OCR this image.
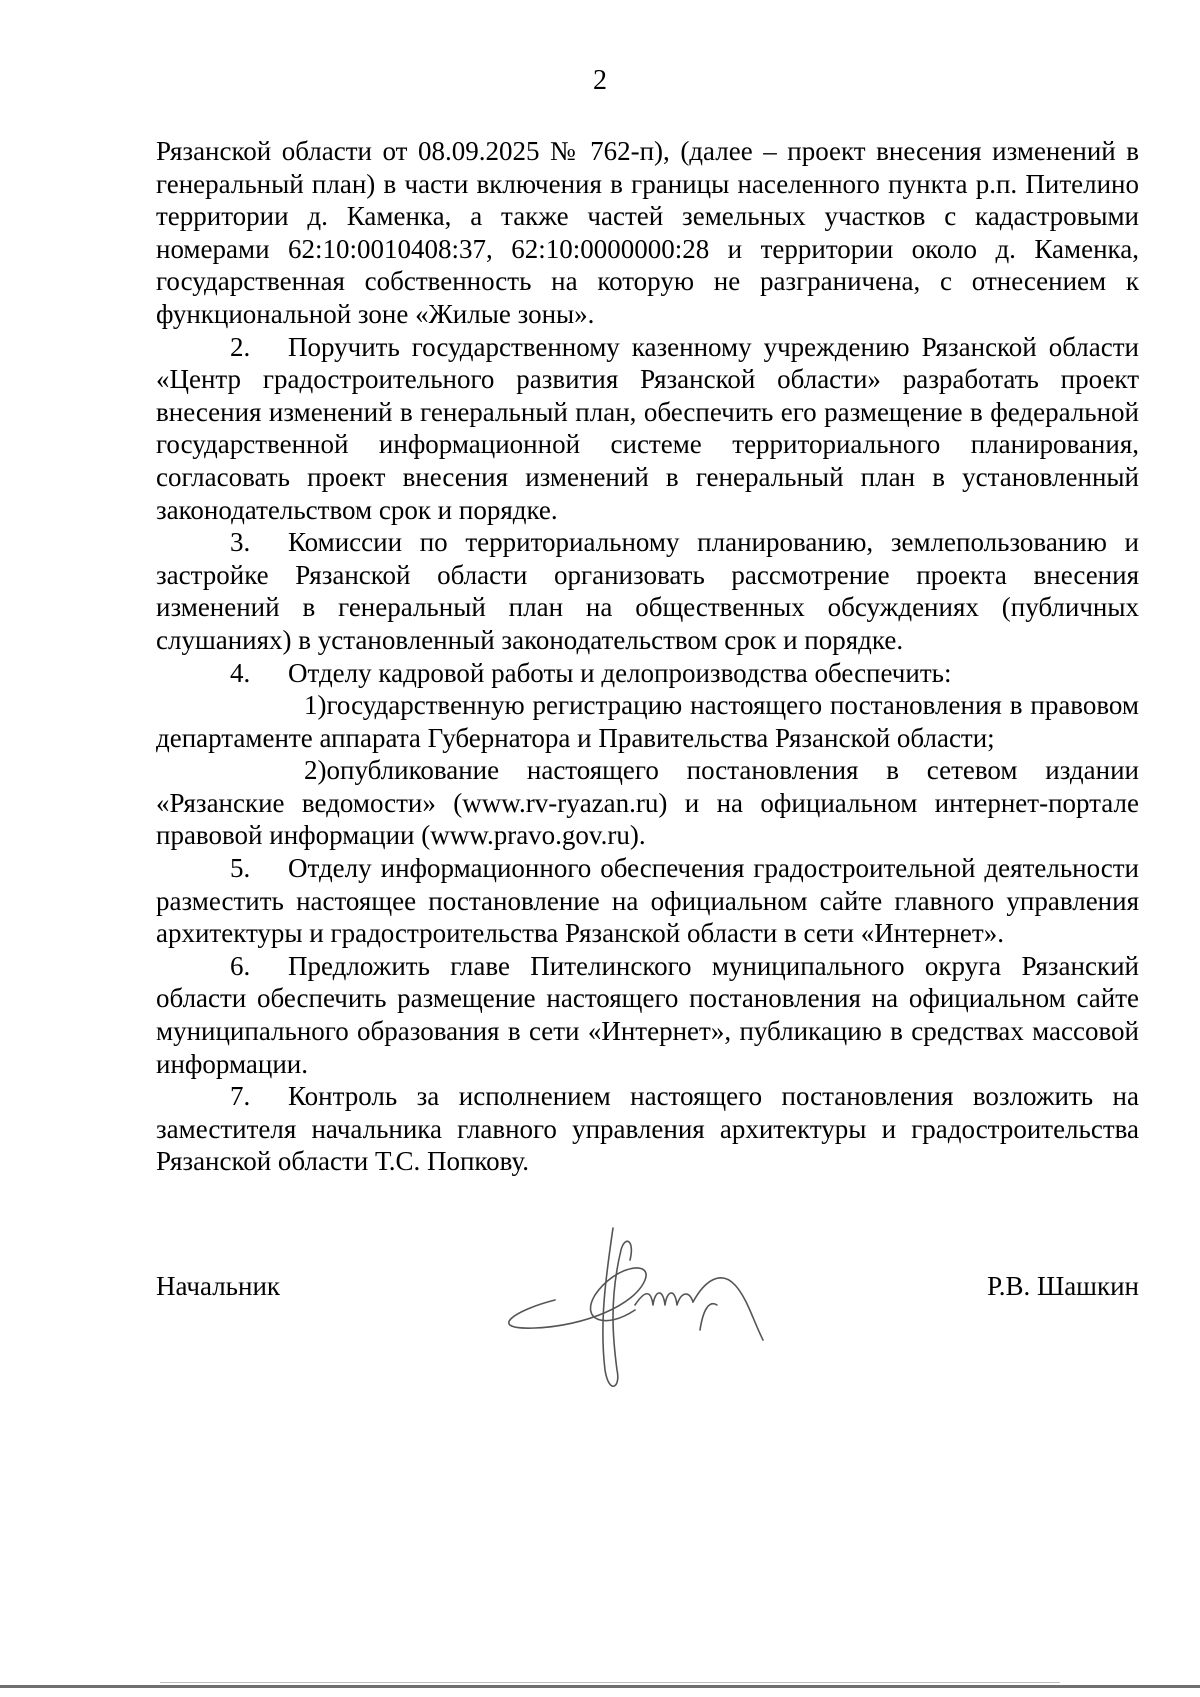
2

Рязанской области от 08.09.2025 № 762-п), (далее – проект внесения изменений в генеральный план) в части включения в границы населенного пункта р.п. Пителино территории д. Каменка, а также частей земельных участков с кадастровыми номерами 62:10:0010408:37, 62:10:0000000:28 и территории около д. Каменка, государственная собственность на которую не разграничена, с отнесением к функциональной зоне «Жилые зоны».

2. Поручить государственному казенному учреждению Рязанской области «Центр градостроительного развития Рязанской области» разработать проект внесения изменений в генеральный план, обеспечить его размещение в федеральной государственной информационной системе территориального планирования, согласовать проект внесения изменений в генеральный план в установленный законодательством срок и порядке.

3. Комиссии по территориальному планированию, землепользованию и застройке Рязанской области организовать рассмотрение проекта внесения изменений в генеральный план на общественных обсуждениях (публичных слушаниях) в установленный законодательством срок и порядке.

4. Отделу кадровой работы и делопроизводства обеспечить:

1)государственную регистрацию настоящего постановления в правовом департаменте аппарата Губернатора и Правительства Рязанской области;

2)опубликование настоящего постановления в сетевом издании «Рязанские ведомости» (www.rv-ryazan.ru) и на официальном интернет-портале правовой информации (www.pravo.gov.ru).

5. Отделу информационного обеспечения градостроительной деятельности разместить настоящее постановление на официальном сайте главного управления архитектуры и градостроительства Рязанской области в сети «Интернет».

6. Предложить главе Пителинского муниципального округа Рязанский области обеспечить размещение настоящего постановления на официальном сайте муниципального образования в сети «Интернет», публикацию в средствах массовой информации.

7. Контроль за исполнением настоящего постановления возложить на заместителя начальника главного управления архитектуры и градостроительства Рязанской области Т.С. Попкову.

Начальник	Р.В. Шашкин
